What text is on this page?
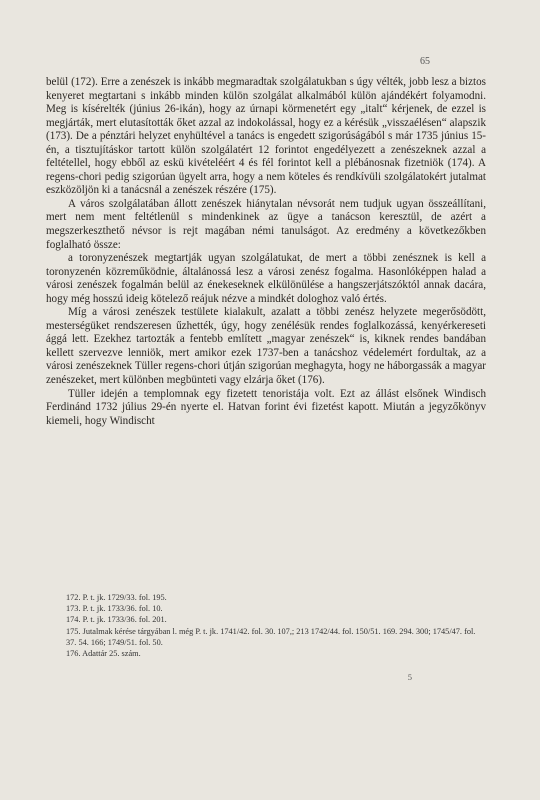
65

belül (172). Erre a zenészek is inkább megmaradtak szolgálatukban s úgy vélték, jobb lesz a biztos kenyeret megtartani s inkább minden külön szolgálat alkalmából külön ajándékért folyamodni. Meg is kísérelték (június 26-ikán), hogy az úrnapi körmenetért egy „italt“ kérjenek, de ezzel is megjárták, mert elutasították őket azzal az indokolással, hogy ez a kérésük „visszaélésen“ alapszik (173). De a pénztári helyzet enyhültével a tanács is engedett szigorúságából s már 1735 június 15-én, a tisztujításkor tartott külön szolgálatért 12 forintot engedélyezett a zenészeknek azzal a feltétellel, hogy ebből az eskü kivételéért 4 és fél forintot kell a plébánosnak fizetniök (174). A regens-chori pedig szigorúan ügyelt arra, hogy a nem köteles és rendkívüli szolgálatokért jutalmat eszközöljön ki a tanácsnál a zenészek részére (175).

A város szolgálatában állott zenészek hiánytalan névsorát nem tudjuk ugyan összeállítani, mert nem ment feltétlenül s mindenkinek az ügye a tanácson keresztül, de azért a megszerkeszthető névsor is rejt magában némi tanulságot. Az eredmény a következőkben foglalható össze:

a toronyzenészek megtartják ugyan szolgálatukat, de mert a többi zenésznek is kell a toronyzenén közreműködnie, általánossá lesz a városi zenész fogalma. Hasonlóképpen halad a városi zenészek fogalmán belül az énekeseknek elkülönülése a hangszerjátszóktól annak dacára, hogy még hosszú ideig kötelező reájuk nézve a mindkét dologhoz való értés.

Míg a városi zenészek testülete kialakult, azalatt a többi zenész helyzete megerősödött, mesterségüket rendszeresen űzhették, úgy, hogy zenélésük rendes foglalkozássá, kenyérkereseti ággá lett. Ezekhez tartozták a fentebb említett „magyar zenészek“ is, kiknek rendes bandában kellett szervezve lenniök, mert amikor ezek 1737-ben a tanácshoz védelemért fordultak, az a városi zenészeknek Tüller regens-chori útján szigorúan meghagyta, hogy ne háborgassák a magyar zenészeket, mert különben megbünteti vagy elzárja őket (176).

Tüller idején a templomnak egy fizetett tenoristája volt. Ezt az állást elsőnek Windisch Ferdinánd 1732 július 29-én nyerte el. Hatvan forint évi fizetést kapott. Miután a jegyzőkönyv kiemeli, hogy Windischt

172. P. t. jk. 1729/33. fol. 195.
173. P. t. jk. 1733/36. fol. 10.
174. P. t. jk. 1733/36. fol. 201.
175. Jutalmak kérése tárgyában l. még P. t. jk. 1741/42. fol. 30. 107,; 213 1742/44. fol. 150/51. 169. 294. 300; 1745/47. fol. 37. 54. 166; 1749/51. fol. 50.
176. Adattár 25. szám.
5
